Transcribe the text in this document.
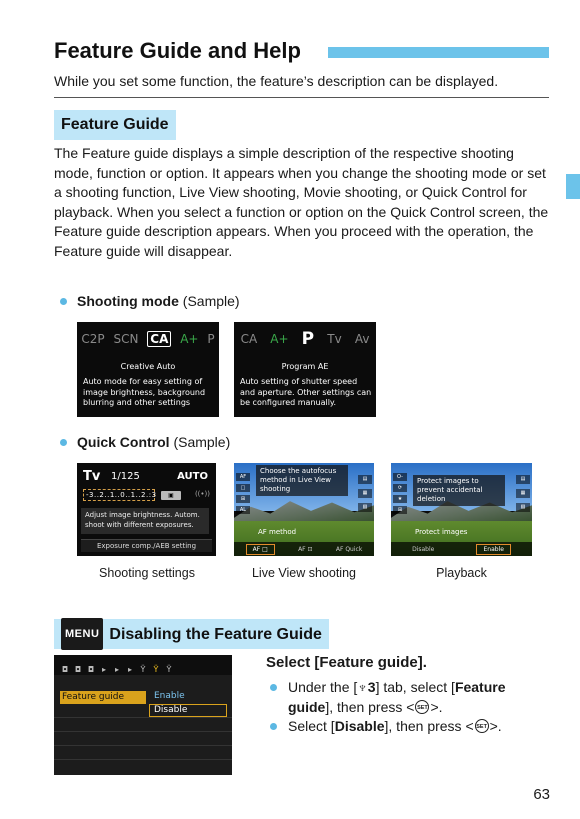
Feature Guide and Help
While you set some function, the feature’s description can be displayed.
Feature Guide
The Feature guide displays a simple description of the respective shooting mode, function or option. It appears when you change the shooting mode or set a shooting function, Live View shooting, Movie shooting, or Quick Control for playback. When you select a function or option on the Quick Control screen, the Feature guide description appears. When you proceed with the operation, the Feature guide will disappear.
Shooting mode (Sample)
C2P SCN CA A+ P
Creative Auto
Auto mode for easy setting of image brightness, background blurring and other settings
CA A+ P Tv Av
Program AE
Auto setting of shutter speed and aperture. Other settings can be configured manually.
Quick Control (Sample)
Tv 1/125	AUTO
-3..2..1..0..1..2.:3	▣	((•))
Adjust image brightness. Autom. shoot with different exposures.
Exposure comp./AEB setting
AF
□
⊞
AL
▤
▦
▧
Choose the autofocus method in Live View shooting
AF method
AF □	AF ⊡	AF Quick
O-
⟳
★
⊞
▤
▦
▧
Protect images to prevent accidental deletion
Protect images
Disable	Enable
Shooting settings	Live View shooting	Playback
MENU Disabling the Feature Guide
◘ ◘ ◘ ▸	▸	▸	Ÿ	Ÿ	Ÿ
Feature guide	Enable
Disable
Select [Feature guide].
Under the [♆3] tab, select [Feature guide], then press < SET >.
Select [Disable], then press < SET >.
63
